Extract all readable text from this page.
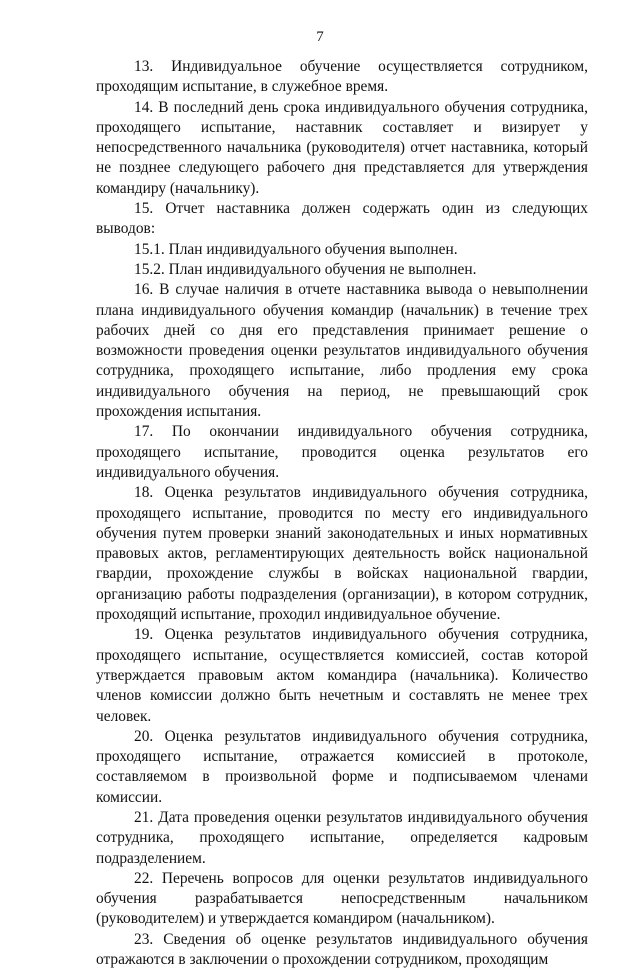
7

13. Индивидуальное обучение осуществляется сотрудником, проходящим испытание, в служебное время.

14. В последний день срока индивидуального обучения сотрудника, проходящего испытание, наставник составляет и визирует у непосредственного начальника (руководителя) отчет наставника, который не позднее следующего рабочего дня представляется для утверждения командиру (начальнику).

15. Отчет наставника должен содержать один из следующих выводов:

15.1. План индивидуального обучения выполнен.

15.2. План индивидуального обучения не выполнен.

16. В случае наличия в отчете наставника вывода о невыполнении плана индивидуального обучения командир (начальник) в течение трех рабочих дней со дня его представления принимает решение о возможности проведения оценки результатов индивидуального обучения сотрудника, проходящего испытание, либо продления ему срока индивидуального обучения на период, не превышающий срок прохождения испытания.

17. По окончании индивидуального обучения сотрудника, проходящего испытание, проводится оценка результатов его индивидуального обучения.

18. Оценка результатов индивидуального обучения сотрудника, проходящего испытание, проводится по месту его индивидуального обучения путем проверки знаний законодательных и иных нормативных правовых актов, регламентирующих деятельность войск национальной гвардии, прохождение службы в войсках национальной гвардии, организацию работы подразделения (организации), в котором сотрудник, проходящий испытание, проходил индивидуальное обучение.

19. Оценка результатов индивидуального обучения сотрудника, проходящего испытание, осуществляется комиссией, состав которой утверждается правовым актом командира (начальника). Количество членов комиссии должно быть нечетным и составлять не менее трех человек.

20. Оценка результатов индивидуального обучения сотрудника, проходящего испытание, отражается комиссией в протоколе, составляемом в произвольной форме и подписываемом членами комиссии.

21. Дата проведения оценки результатов индивидуального обучения сотрудника, проходящего испытание, определяется кадровым подразделением.

22. Перечень вопросов для оценки результатов индивидуального обучения разрабатывается непосредственным начальником (руководителем) и утверждается командиром (начальником).

23. Сведения об оценке результатов индивидуального обучения отражаются в заключении о прохождении сотрудником, проходящим
